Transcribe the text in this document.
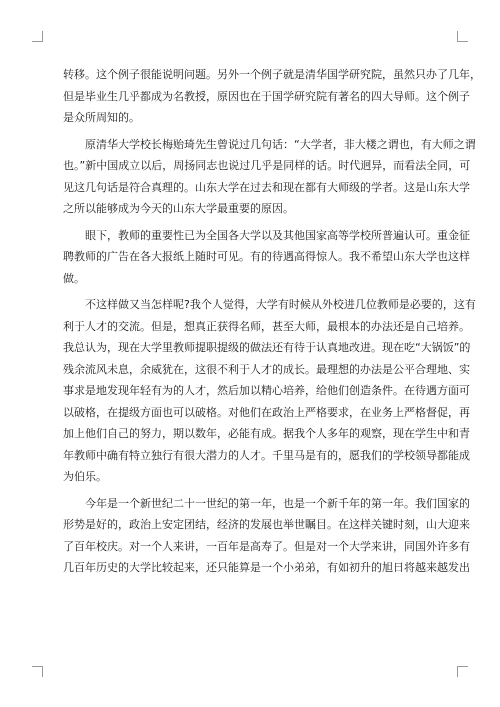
转移。这个例子很能说明问题。另外一个例子就是清华国学研究院，虽然只办了几年，
但是毕业生几乎都成为名教授，原因也在于国学研究院有著名的四大导师。这个例子
是众所周知的。
　　原清华大学校长梅贻琦先生曾说过几句话：“大学者，非大楼之谓也，有大师之谓
也。”新中国成立以后，周扬同志也说过几乎是同样的话。时代迥异，而看法全同，可
见这几句话是符合真理的。山东大学在过去和现在都有大师级的学者。这是山东大学
之所以能够成为今天的山东大学最重要的原因。
　　眼下，教师的重要性已为全国各大学以及其他国家高等学校所普遍认可。重金征
聘教师的广告在各大报纸上随时可见。有的待遇高得惊人。我不希望山东大学也这样
做。
　　不这样做又当怎样呢?我个人觉得，大学有时候从外校进几位教师是必要的，这有
利于人才的交流。但是，想真正获得名师，甚至大师，最根本的办法还是自己培养。
我总认为，现在大学里教师提职提级的做法还有待于认真地改进。现在吃“大锅饭”的
残余流风未息，余威犹在，这很不利于人才的成长。最理想的办法是公平合理地、实
事求是地发现年轻有为的人才，然后加以精心培养，给他们创造条件。在待遇方面可
以破格，在提级方面也可以破格。对他们在政治上严格要求，在业务上严格督促，再
加上他们自己的努力，期以数年，必能有成。据我个人多年的观察，现在学生中和青
年教师中确有特立独行有很大潜力的人才。千里马是有的，愿我们的学校领导都能成
为伯乐。
　　今年是一个新世纪二十一世纪的第一年，也是一个新千年的第一年。我们国家的
形势是好的，政治上安定团结，经济的发展也举世瞩目。在这样关键时刻，山大迎来
了百年校庆。对一个人来讲，一百年是高寿了。但是对一个大学来讲，同国外许多有
几百年历史的大学比较起来，还只能算是一个小弟弟，有如初升的旭日将越来越发出
